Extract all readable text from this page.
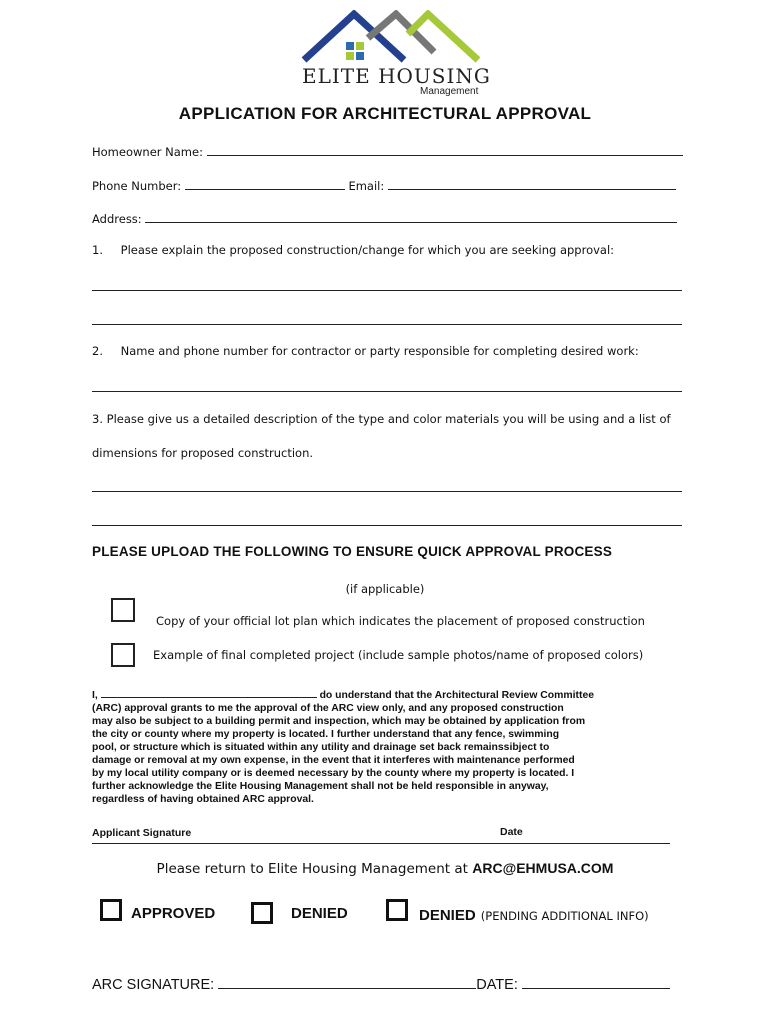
ELITE HOUSING
Management
APPLICATION FOR ARCHITECTURAL APPROVAL
Homeowner Name:
Phone Number:	Email:
Address:
1. Please explain the proposed construction/change for which you are seeking approval:
2. Name and phone number for contractor or party responsible for completing desired work:
3. Please give us a detailed description of the type and color materials you will be using and a list of
dimensions for proposed construction.
PLEASE UPLOAD THE FOLLOWING TO ENSURE QUICK APPROVAL PROCESS
(if applicable)
Copy of your official lot plan which indicates the placement of proposed construction
Example of final completed project (include sample photos/name of proposed colors)

I,	do understand that the Architectural Review Committee

(ARC) approval grants to me the approval of the ARC view only, and any proposed construction

may also be subject to a building permit and inspection, which may be obtained by application from

the city or county where my property is located. I further understand that any fence, swimming

pool, or structure which is situated within any utility and drainage set back remainssibject to

damage or removal at my own expense, in the event that it interferes with maintenance performed

by my local utility company or is deemed necessary by the county where my property is located. I

further acknowledge the Elite Housing Management shall not be held responsible in anyway,

regardless of having obtained ARC approval.

Applicant Signature	Date
Please return to Elite Housing Management at ARC@EHMUSA.COM
APPROVED	DENIED	DENIED (PENDING ADDITIONAL INFO)
ARC SIGNATURE:	DATE:
